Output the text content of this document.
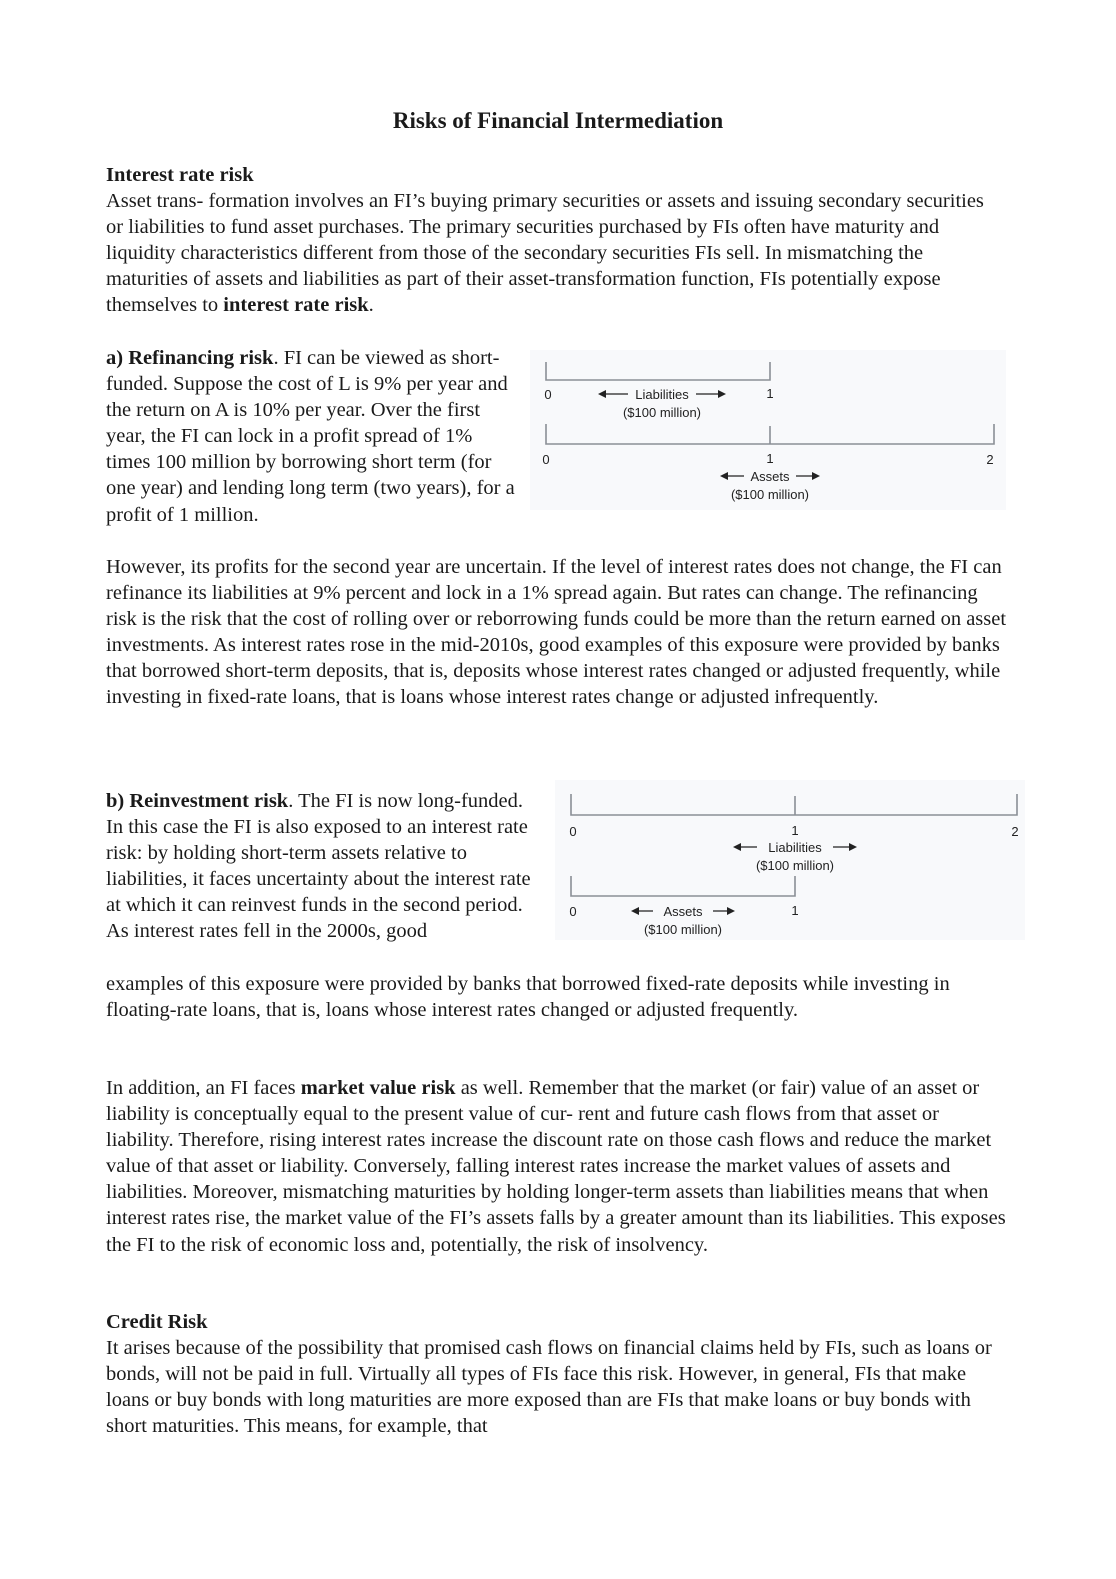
Risks of Financial Intermediation

Interest rate risk

Asset trans- formation involves an FI’s buying primary securities or assets and issuing secondary securities or liabilities to fund asset purchases. The primary securities purchased by FIs often have maturity and liquidity characteristics different from those of the secondary securities FIs sell. In mismatching the maturities of assets and liabilities as part of their asset-transformation function, FIs potentially expose themselves to interest rate risk.

a) Refinancing risk. FI can be viewed as short-funded. Suppose the cost of L is 9% per year and the return on A is 10% per year. Over the first year, the FI can lock in a profit spread of 1% times 100 million by borrowing short term (for one year) and lending long term (two years), for a profit of 1 million.

0	1
Liabilities
($100 million)
0	1	2
Assets
($100 million)

However, its profits for the second year are uncertain. If the level of interest rates does not change, the FI can refinance its liabilities at 9% percent and lock in a 1% spread again. But rates can change. The refinancing risk is the risk that the cost of rolling over or reborrowing funds could be more than the return earned on asset investments. As interest rates rose in the mid-2010s, good examples of this exposure were provided by banks that borrowed short-term deposits, that is, deposits whose interest rates changed or adjusted frequently, while investing in fixed-rate loans, that is loans whose interest rates change or adjusted infrequently.

b) Reinvestment risk. The FI is now long-funded. In this case the FI is also exposed to an interest rate risk: by holding short-term assets relative to liabilities, it faces uncertainty about the interest rate at which it can reinvest funds in the second period. As interest rates fell in the 2000s, good

0	1	2
Liabilities
($100 million)
0	1
Assets
($100 million)

examples of this exposure were provided by banks that borrowed fixed-rate deposits while investing in floating-rate loans, that is, loans whose interest rates changed or adjusted frequently.

In addition, an FI faces market value risk as well. Remember that the market (or fair) value of an asset or liability is conceptually equal to the present value of cur- rent and future cash flows from that asset or liability. Therefore, rising interest rates increase the discount rate on those cash flows and reduce the market value of that asset or liability. Conversely, falling interest rates increase the market values of assets and liabilities. Moreover, mismatching maturities by holding longer-term assets than liabilities means that when interest rates rise, the market value of the FI’s assets falls by a greater amount than its liabilities. This exposes the FI to the risk of economic loss and, potentially, the risk of insolvency.

Credit Risk

It arises because of the possibility that promised cash flows on financial claims held by FIs, such as loans or bonds, will not be paid in full. Virtually all types of FIs face this risk. However, in general, FIs that make loans or buy bonds with long maturities are more exposed than are FIs that make loans or buy bonds with short maturities. This means, for example, that
